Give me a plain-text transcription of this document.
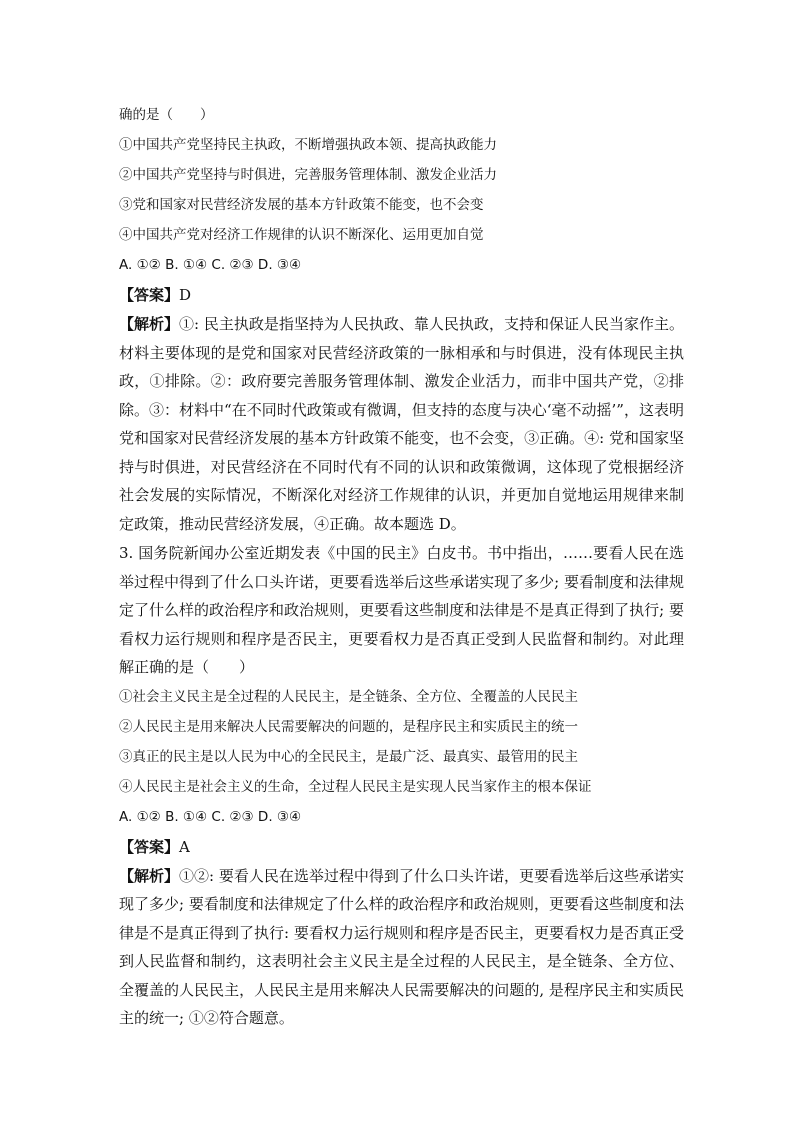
确的是（　　）
①中国共产党坚持民主执政，不断增强执政本领、提高执政能力
②中国共产党坚持与时俱进，完善服务管理体制、激发企业活力
③党和国家对民营经济发展的基本方针政策不能变，也不会变
④中国共产党对经济工作规律的认识不断深化、运用更加自觉
A. ①② B. ①④ C. ②③ D. ③④
【答案】D

【解析】①: 民主执政是指坚持为人民执政、靠人民执政，支持和保证人民当家作主。材料主要体现的是党和国家对民营经济政策的一脉相承和与时俱进，没有体现民主执政，①排除。②：政府要完善服务管理体制、激发企业活力，而非中国共产党，②排除。③：材料中“在不同时代政策或有微调，但支持的态度与决心‘毫不动摇’”，这表明党和国家对民营经济发展的基本方针政策不能变，也不会变，③正确。④: 党和国家坚持与时俱进，对民营经济在不同时代有不同的认识和政策微调，这体现了党根据经济社会发展的实际情况，不断深化对经济工作规律的认识，并更加自觉地运用规律来制定政策，推动民营经济发展，④正确。故本题选 D。

3. 国务院新闻办公室近期发表《中国的民主》白皮书。书中指出，……要看人民在选举过程中得到了什么口头许诺，更要看选举后这些承诺实现了多少; 要看制度和法律规定了什么样的政治程序和政治规则，更要看这些制度和法律是不是真正得到了执行; 要看权力运行规则和程序是否民主，更要看权力是否真正受到人民监督和制约。对此理解正确的是（　　）

①社会主义民主是全过程的人民民主，是全链条、全方位、全覆盖的人民民主
②人民民主是用来解决人民需要解决的问题的，是程序民主和实质民主的统一
③真正的民主是以人民为中心的全民民主，是最广泛、最真实、最管用的民主
④人民民主是社会主义的生命，全过程人民民主是实现人民当家作主的根本保证
A. ①② B. ①④ C. ②③ D. ③④
【答案】A

【解析】①②: 要看人民在选举过程中得到了什么口头许诺，更要看选举后这些承诺实现了多少; 要看制度和法律规定了什么样的政治程序和政治规则，更要看这些制度和法律是不是真正得到了执行: 要看权力运行规则和程序是否民主，更要看权力是否真正受到人民监督和制约，这表明社会主义民主是全过程的人民民主，是全链条、全方位、全覆盖的人民民主，人民民主是用来解决人民需要解决的问题的, 是程序民主和实质民主的统一; ①②符合题意。
